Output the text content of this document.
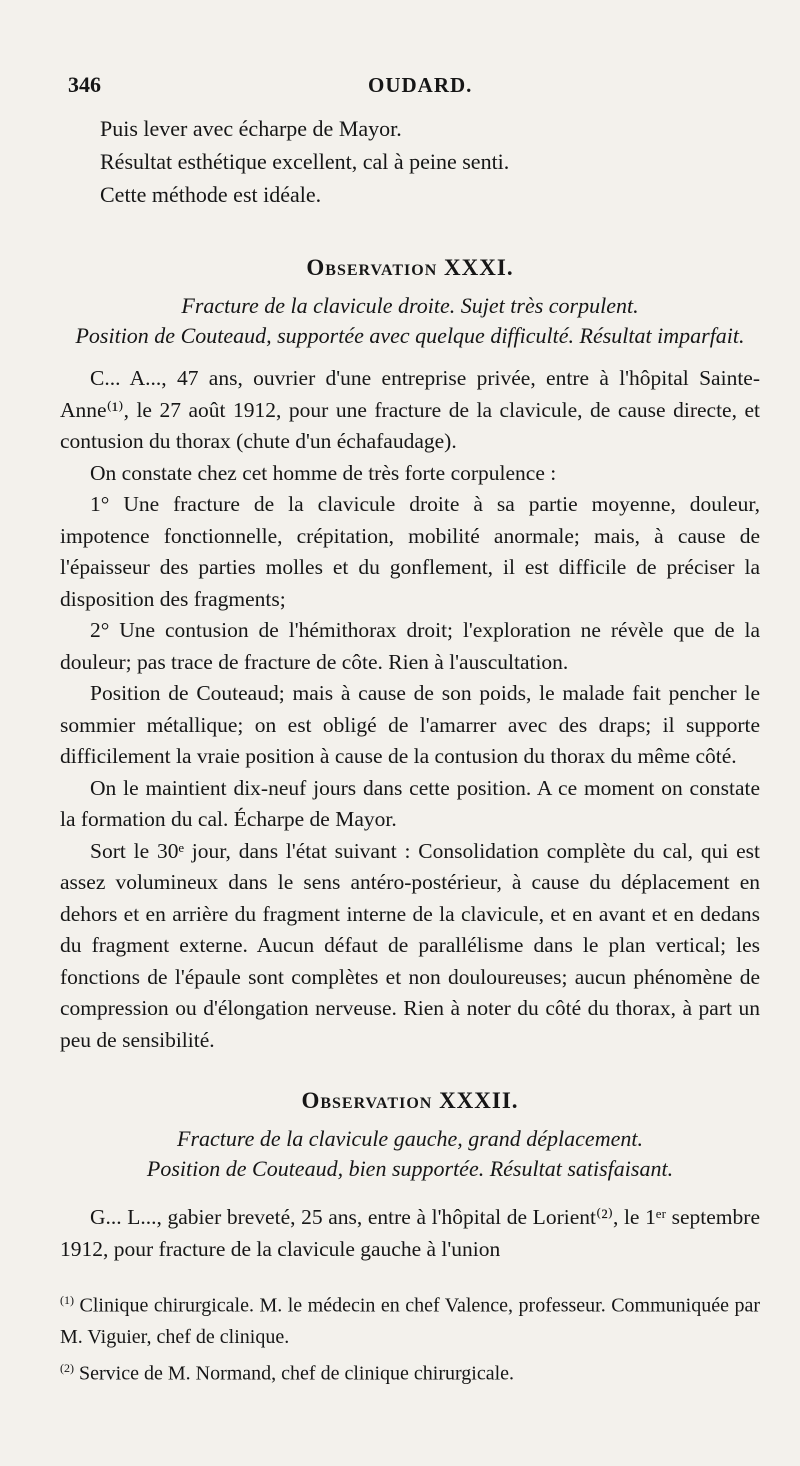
346	OUDARD.

Puis lever avec écharpe de Mayor.

Résultat esthétique excellent, cal à peine senti.

Cette méthode est idéale.

Observation XXXI.

Fracture de la clavicule droite. Sujet très corpulent.

Position de Couteaud, supportée avec quelque difficulté. Résultat imparfait.

C... A..., 47 ans, ouvrier d'une entreprise privée, entre à l'hôpital Sainte-Anne⁽¹⁾, le 27 août 1912, pour une fracture de la clavicule, de cause directe, et contusion du thorax (chute d'un échafaudage).

On constate chez cet homme de très forte corpulence :

1° Une fracture de la clavicule droite à sa partie moyenne, douleur, impotence fonctionnelle, crépitation, mobilité anormale; mais, à cause de l'épaisseur des parties molles et du gonflement, il est difficile de préciser la disposition des fragments;

2° Une contusion de l'hémithorax droit; l'exploration ne révèle que de la douleur; pas trace de fracture de côte. Rien à l'auscultation.

Position de Couteaud; mais à cause de son poids, le malade fait pencher le sommier métallique; on est obligé de l'amarrer avec des draps; il supporte difficilement la vraie position à cause de la contusion du thorax du même côté.

On le maintient dix-neuf jours dans cette position. A ce moment on constate la formation du cal. Écharpe de Mayor.

Sort le 30ᵉ jour, dans l'état suivant : Consolidation complète du cal, qui est assez volumineux dans le sens antéro-postérieur, à cause du déplacement en dehors et en arrière du fragment interne de la clavicule, et en avant et en dedans du fragment externe. Aucun défaut de parallélisme dans le plan vertical; les fonctions de l'épaule sont complètes et non douloureuses; aucun phénomène de compression ou d'élongation nerveuse. Rien à noter du côté du thorax, à part un peu de sensibilité.

Observation XXXII.

Fracture de la clavicule gauche, grand déplacement.

Position de Couteaud, bien supportée. Résultat satisfaisant.

G... L..., gabier breveté, 25 ans, entre à l'hôpital de Lorient⁽²⁾, le 1ᵉʳ septembre 1912, pour fracture de la clavicule gauche à l'union

$^{(1)}$ Clinique chirurgicale. M. le médecin en chef Valence, professeur. Communiquée par M. Viguier, chef de clinique.

$^{(2)}$ Service de M. Normand, chef de clinique chirurgicale.
